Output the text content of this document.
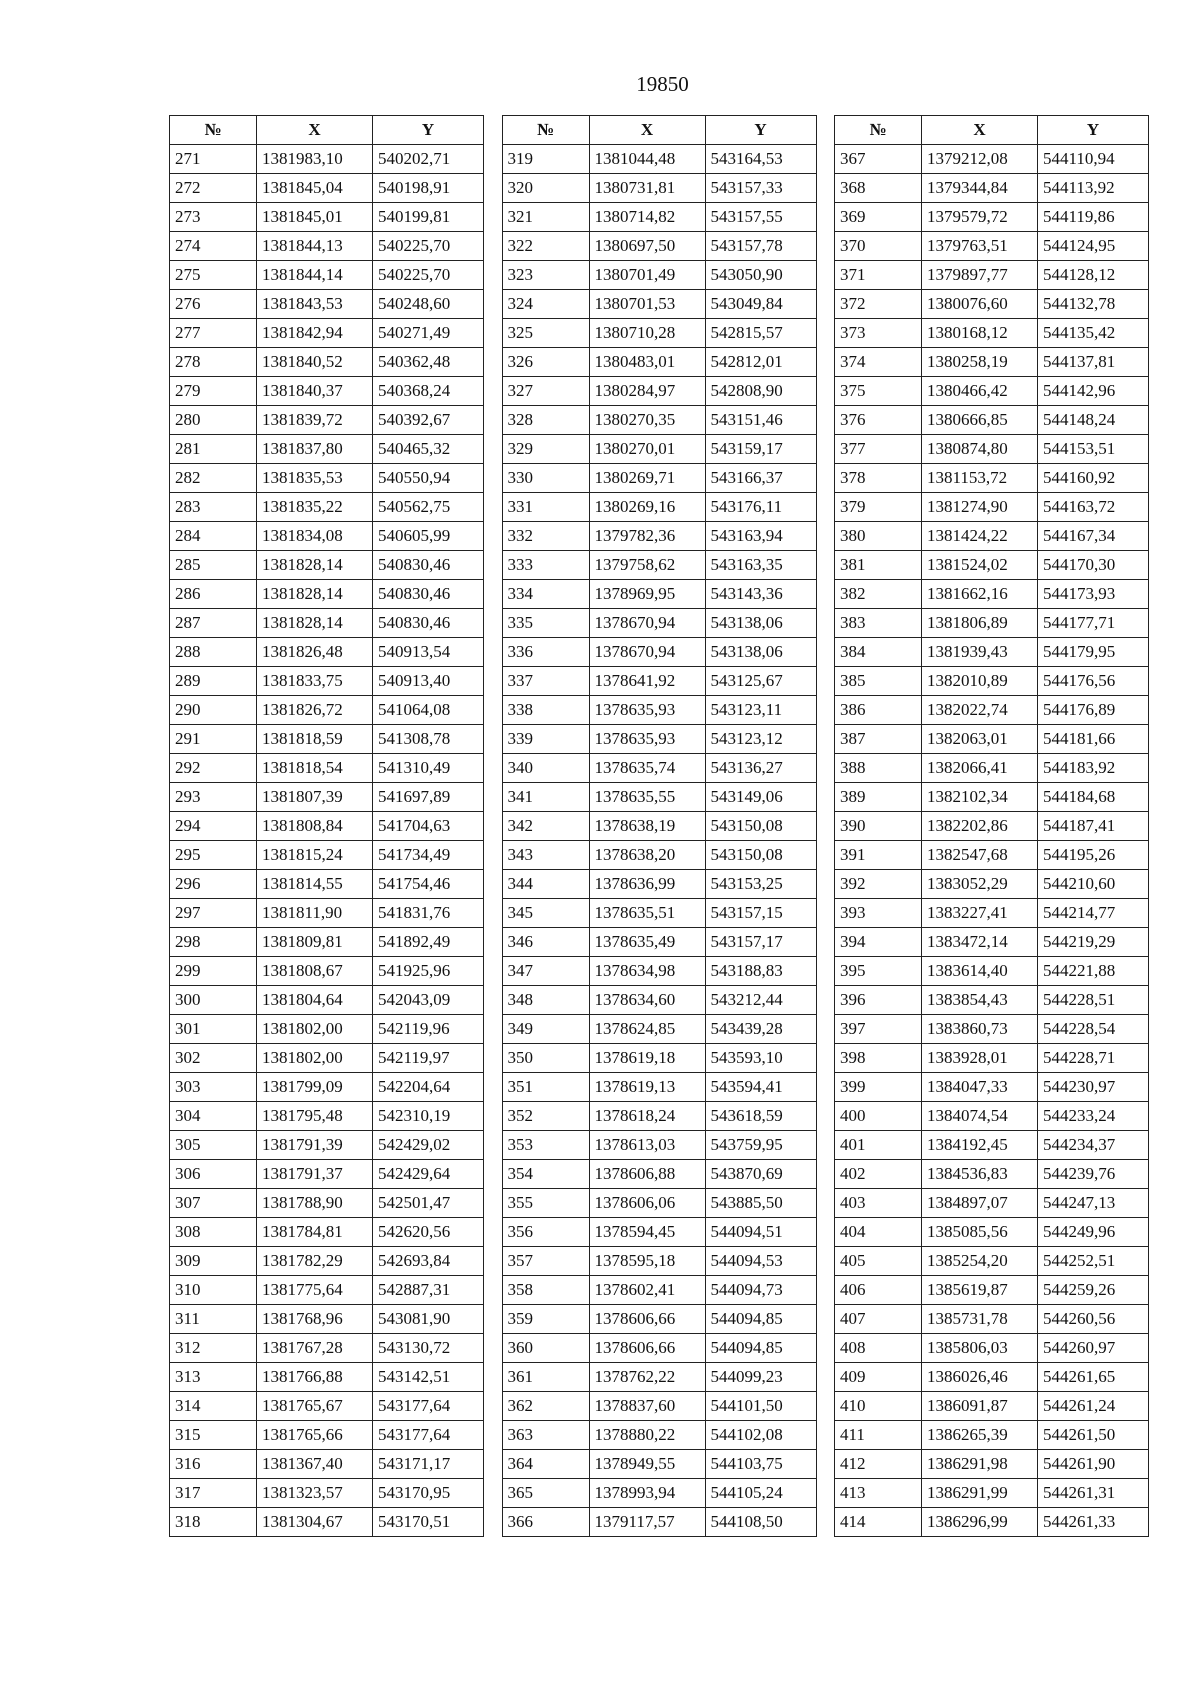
19850
№	X	Y
271	1381983,10	540202,71
272	1381845,04	540198,91
273	1381845,01	540199,81
274	1381844,13	540225,70
275	1381844,14	540225,70
276	1381843,53	540248,60
277	1381842,94	540271,49
278	1381840,52	540362,48
279	1381840,37	540368,24
280	1381839,72	540392,67
281	1381837,80	540465,32
282	1381835,53	540550,94
283	1381835,22	540562,75
284	1381834,08	540605,99
285	1381828,14	540830,46
286	1381828,14	540830,46
287	1381828,14	540830,46
288	1381826,48	540913,54
289	1381833,75	540913,40
290	1381826,72	541064,08
291	1381818,59	541308,78
292	1381818,54	541310,49
293	1381807,39	541697,89
294	1381808,84	541704,63
295	1381815,24	541734,49
296	1381814,55	541754,46
297	1381811,90	541831,76
298	1381809,81	541892,49
299	1381808,67	541925,96
300	1381804,64	542043,09
301	1381802,00	542119,96
302	1381802,00	542119,97
303	1381799,09	542204,64
304	1381795,48	542310,19
305	1381791,39	542429,02
306	1381791,37	542429,64
307	1381788,90	542501,47
308	1381784,81	542620,56
309	1381782,29	542693,84
310	1381775,64	542887,31
311	1381768,96	543081,90
312	1381767,28	543130,72
313	1381766,88	543142,51
314	1381765,67	543177,64
315	1381765,66	543177,64
316	1381367,40	543171,17
317	1381323,57	543170,95
318	1381304,67	543170,51
№	X	Y
319	1381044,48	543164,53
320	1380731,81	543157,33
321	1380714,82	543157,55
322	1380697,50	543157,78
323	1380701,49	543050,90
324	1380701,53	543049,84
325	1380710,28	542815,57
326	1380483,01	542812,01
327	1380284,97	542808,90
328	1380270,35	543151,46
329	1380270,01	543159,17
330	1380269,71	543166,37
331	1380269,16	543176,11
332	1379782,36	543163,94
333	1379758,62	543163,35
334	1378969,95	543143,36
335	1378670,94	543138,06
336	1378670,94	543138,06
337	1378641,92	543125,67
338	1378635,93	543123,11
339	1378635,93	543123,12
340	1378635,74	543136,27
341	1378635,55	543149,06
342	1378638,19	543150,08
343	1378638,20	543150,08
344	1378636,99	543153,25
345	1378635,51	543157,15
346	1378635,49	543157,17
347	1378634,98	543188,83
348	1378634,60	543212,44
349	1378624,85	543439,28
350	1378619,18	543593,10
351	1378619,13	543594,41
352	1378618,24	543618,59
353	1378613,03	543759,95
354	1378606,88	543870,69
355	1378606,06	543885,50
356	1378594,45	544094,51
357	1378595,18	544094,53
358	1378602,41	544094,73
359	1378606,66	544094,85
360	1378606,66	544094,85
361	1378762,22	544099,23
362	1378837,60	544101,50
363	1378880,22	544102,08
364	1378949,55	544103,75
365	1378993,94	544105,24
366	1379117,57	544108,50
№	X	Y
367	1379212,08	544110,94
368	1379344,84	544113,92
369	1379579,72	544119,86
370	1379763,51	544124,95
371	1379897,77	544128,12
372	1380076,60	544132,78
373	1380168,12	544135,42
374	1380258,19	544137,81
375	1380466,42	544142,96
376	1380666,85	544148,24
377	1380874,80	544153,51
378	1381153,72	544160,92
379	1381274,90	544163,72
380	1381424,22	544167,34
381	1381524,02	544170,30
382	1381662,16	544173,93
383	1381806,89	544177,71
384	1381939,43	544179,95
385	1382010,89	544176,56
386	1382022,74	544176,89
387	1382063,01	544181,66
388	1382066,41	544183,92
389	1382102,34	544184,68
390	1382202,86	544187,41
391	1382547,68	544195,26
392	1383052,29	544210,60
393	1383227,41	544214,77
394	1383472,14	544219,29
395	1383614,40	544221,88
396	1383854,43	544228,51
397	1383860,73	544228,54
398	1383928,01	544228,71
399	1384047,33	544230,97
400	1384074,54	544233,24
401	1384192,45	544234,37
402	1384536,83	544239,76
403	1384897,07	544247,13
404	1385085,56	544249,96
405	1385254,20	544252,51
406	1385619,87	544259,26
407	1385731,78	544260,56
408	1385806,03	544260,97
409	1386026,46	544261,65
410	1386091,87	544261,24
411	1386265,39	544261,50
412	1386291,98	544261,90
413	1386291,99	544261,31
414	1386296,99	544261,33
